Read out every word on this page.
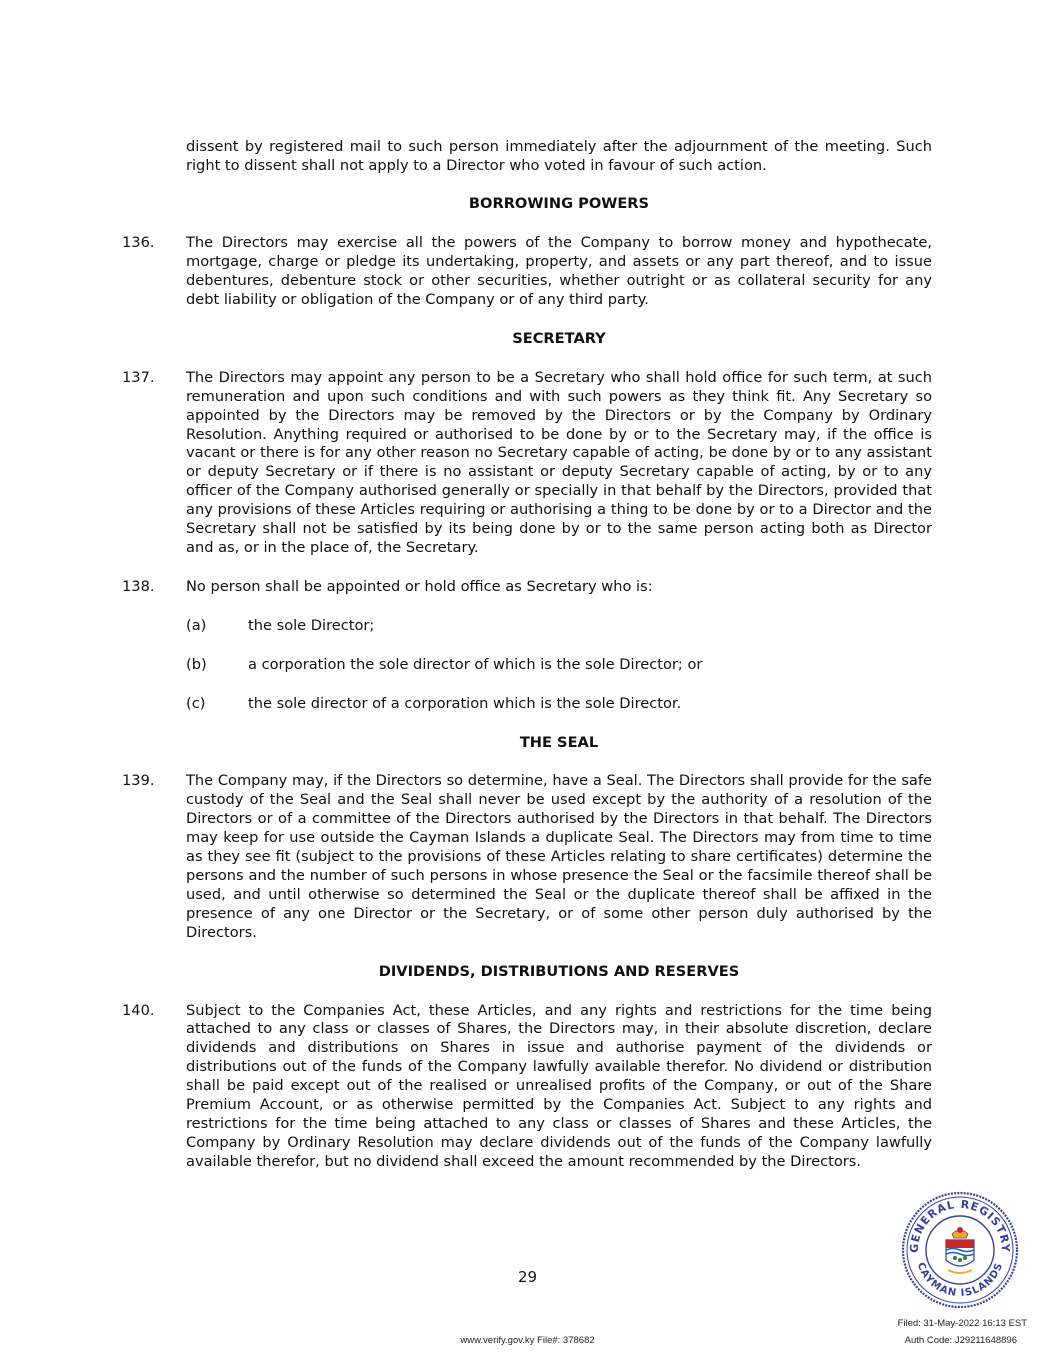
dissent by registered mail to such person immediately after the adjournment of the meeting. Such right to dissent shall not apply to a Director who voted in favour of such action.

BORROWING POWERS
136.	The Directors may exercise all the powers of the Company to borrow money and hypothecate, mortgage, charge or pledge its undertaking, property, and assets or any part thereof, and to issue debentures, debenture stock or other securities, whether outright or as collateral security for any debt liability or obligation of the Company or of any third party.
SECRETARY
137.	The Directors may appoint any person to be a Secretary who shall hold office for such term, at such remuneration and upon such conditions and with such powers as they think fit. Any Secretary so appointed by the Directors may be removed by the Directors or by the Company by Ordinary Resolution. Anything required or authorised to be done by or to the Secretary may, if the office is vacant or there is for any other reason no Secretary capable of acting, be done by or to any assistant or deputy Secretary or if there is no assistant or deputy Secretary capable of acting, by or to any officer of the Company authorised generally or specially in that behalf by the Directors, provided that any provisions of these Articles requiring or authorising a thing to be done by or to a Director and the Secretary shall not be satisfied by its being done by or to the same person acting both as Director and as, or in the place of, the Secretary.
138.	No person shall be appointed or hold office as Secretary who is:
(a)	the sole Director;
(b)	a corporation the sole director of which is the sole Director; or
(c)	the sole director of a corporation which is the sole Director.
THE SEAL
139.	The Company may, if the Directors so determine, have a Seal. The Directors shall provide for the safe custody of the Seal and the Seal shall never be used except by the authority of a resolution of the Directors or of a committee of the Directors authorised by the Directors in that behalf. The Directors may keep for use outside the Cayman Islands a duplicate Seal. The Directors may from time to time as they see fit (subject to the provisions of these Articles relating to share certificates) determine the persons and the number of such persons in whose presence the Seal or the facsimile thereof shall be used, and until otherwise so determined the Seal or the duplicate thereof shall be affixed in the presence of any one Director or the Secretary, or of some other person duly authorised by the Directors.
DIVIDENDS, DISTRIBUTIONS AND RESERVES
140.	Subject to the Companies Act, these Articles, and any rights and restrictions for the time being attached to any class or classes of Shares, the Directors may, in their absolute discretion, declare dividends and distributions on Shares in issue and authorise payment of the dividends or distributions out of the funds of the Company lawfully available therefor. No dividend or distribution shall be paid except out of the realised or unrealised profits of the Company, or out of the Share Premium Account, or as otherwise permitted by the Companies Act. Subject to any rights and restrictions for the time being attached to any class or classes of Shares and these Articles, the Company by Ordinary Resolution may declare dividends out of the funds of the Company lawfully available therefor, but no dividend shall exceed the amount recommended by the Directors.
GENERAL REGISTRY
CAYMAN ISLANDS
29
Filed: 31-May-2022 16:13 EST
www.verify.gov.ky File#: 378682	Auth Code: J29211648896
